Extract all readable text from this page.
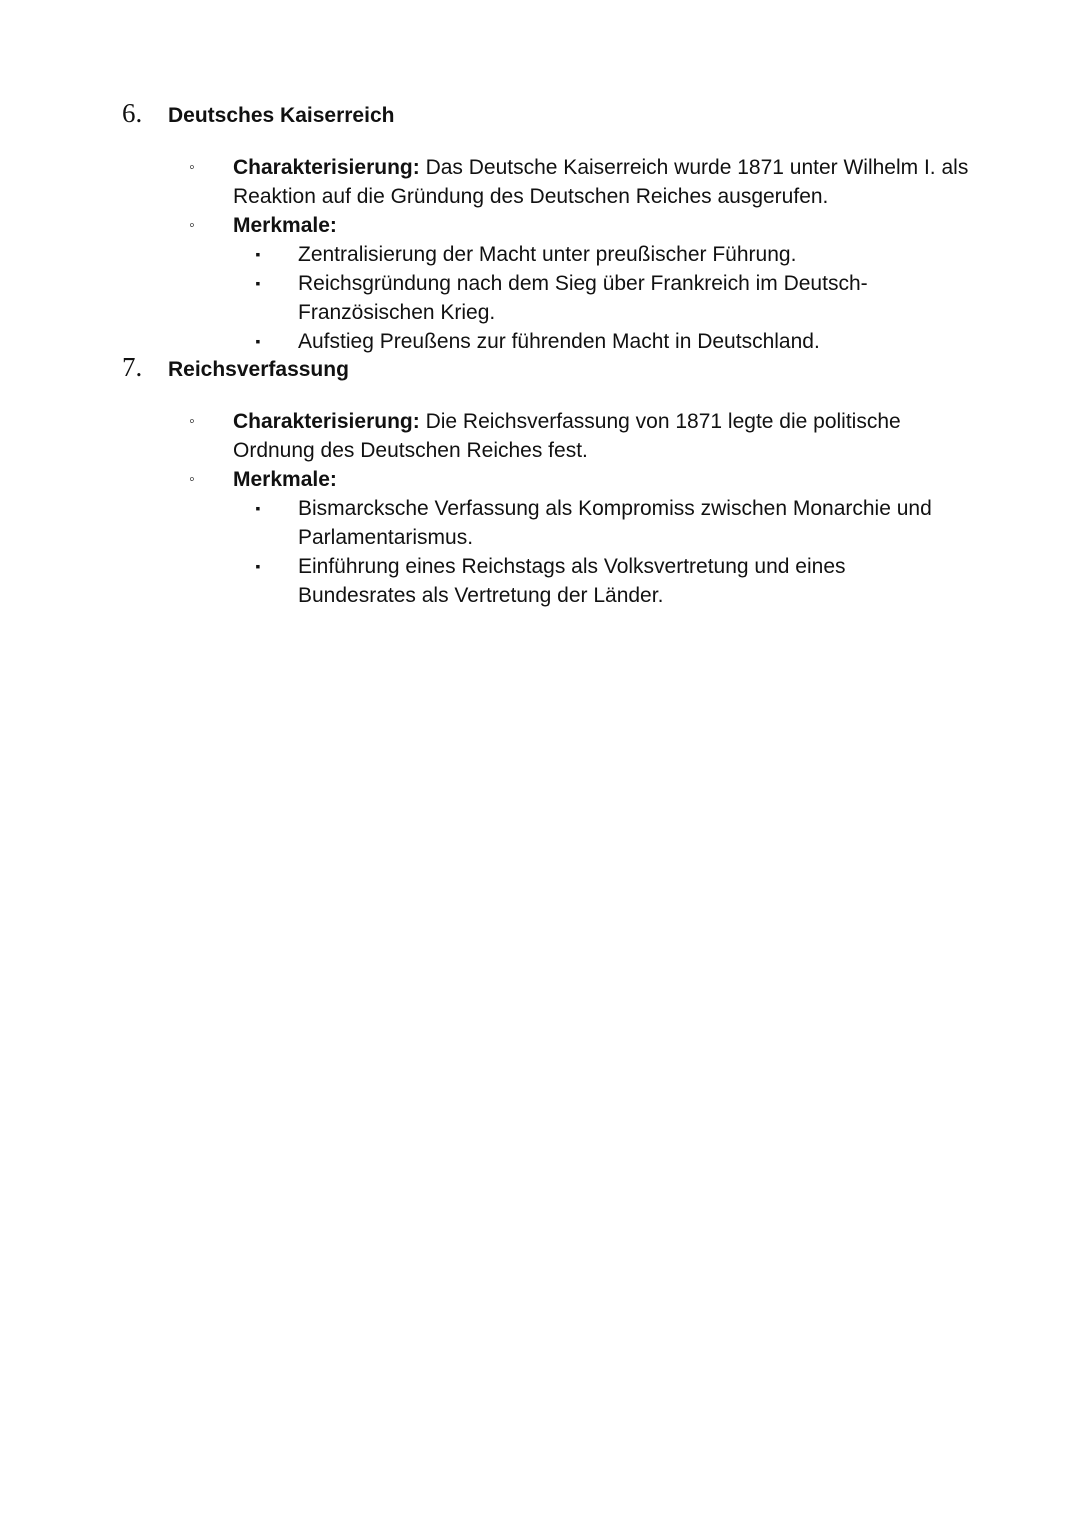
6. Deutsches Kaiserreich
◦ Charakterisierung: Das Deutsche Kaiserreich wurde 1871 unter Wilhelm I. als Reaktion auf die Gründung des Deutschen Reiches ausgerufen.
◦ Merkmale:
▪ Zentralisierung der Macht unter preußischer Führung.
▪ Reichsgründung nach dem Sieg über Frankreich im Deutsch-Französischen Krieg.
▪ Aufstieg Preußens zur führenden Macht in Deutschland.
7. Reichsverfassung
◦ Charakterisierung: Die Reichsverfassung von 1871 legte die politische Ordnung des Deutschen Reiches fest.
◦ Merkmale:
▪ Bismarcksche Verfassung als Kompromiss zwischen Monarchie und Parlamentarismus.
▪ Einführung eines Reichstags als Volksvertretung und eines Bundesrates als Vertretung der Länder.
